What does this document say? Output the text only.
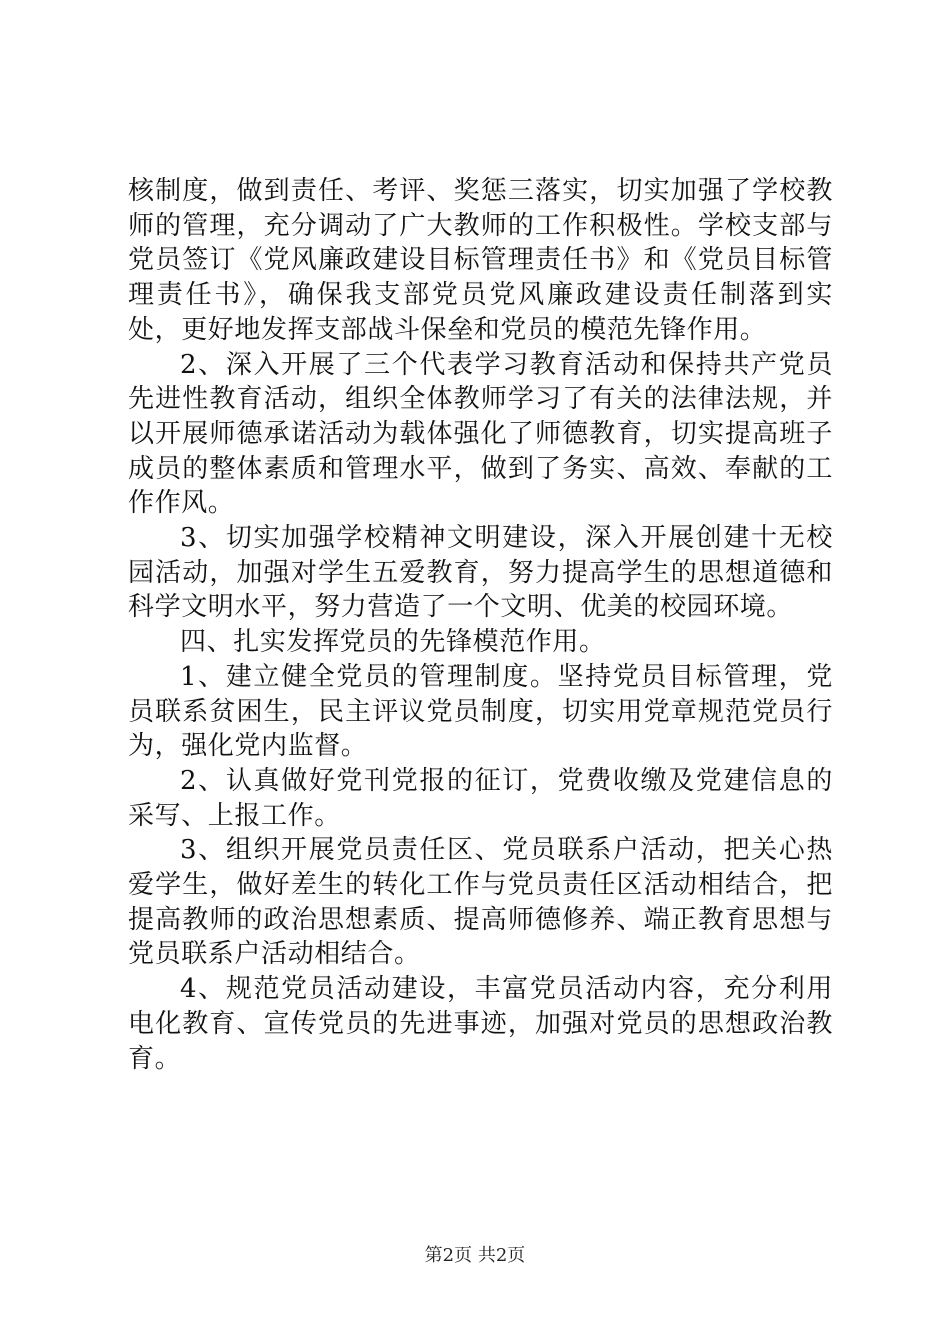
核制度，做到责任、考评、奖惩三落实，切实加强了学校教师的管理，充分调动了广大教师的工作积极性。学校支部与党员签订《党风廉政建设目标管理责任书》和《党员目标管理责任书》，确保我支部党员党风廉政建设责任制落到实处，更好地发挥支部战斗保垒和党员的模范先锋作用。

2、深入开展了三个代表学习教育活动和保持共产党员先进性教育活动，组织全体教师学习了有关的法律法规，并以开展师德承诺活动为载体强化了师德教育，切实提高班子成员的整体素质和管理水平，做到了务实、高效、奉献的工作作风。

3、切实加强学校精神文明建设，深入开展创建十无校园活动，加强对学生五爱教育，努力提高学生的思想道德和科学文明水平，努力营造了一个文明、优美的校园环境。

四、扎实发挥党员的先锋模范作用。

1、建立健全党员的管理制度。坚持党员目标管理，党员联系贫困生，民主评议党员制度，切实用党章规范党员行为，强化党内监督。

2、认真做好党刊党报的征订，党费收缴及党建信息的采写、上报工作。

3、组织开展党员责任区、党员联系户活动，把关心热爱学生，做好差生的转化工作与党员责任区活动相结合，把提高教师的政治思想素质、提高师德修养、端正教育思想与党员联系户活动相结合。

4、规范党员活动建设，丰富党员活动内容，充分利用电化教育、宣传党员的先进事迹，加强对党员的思想政治教育。

第2页 共2页
